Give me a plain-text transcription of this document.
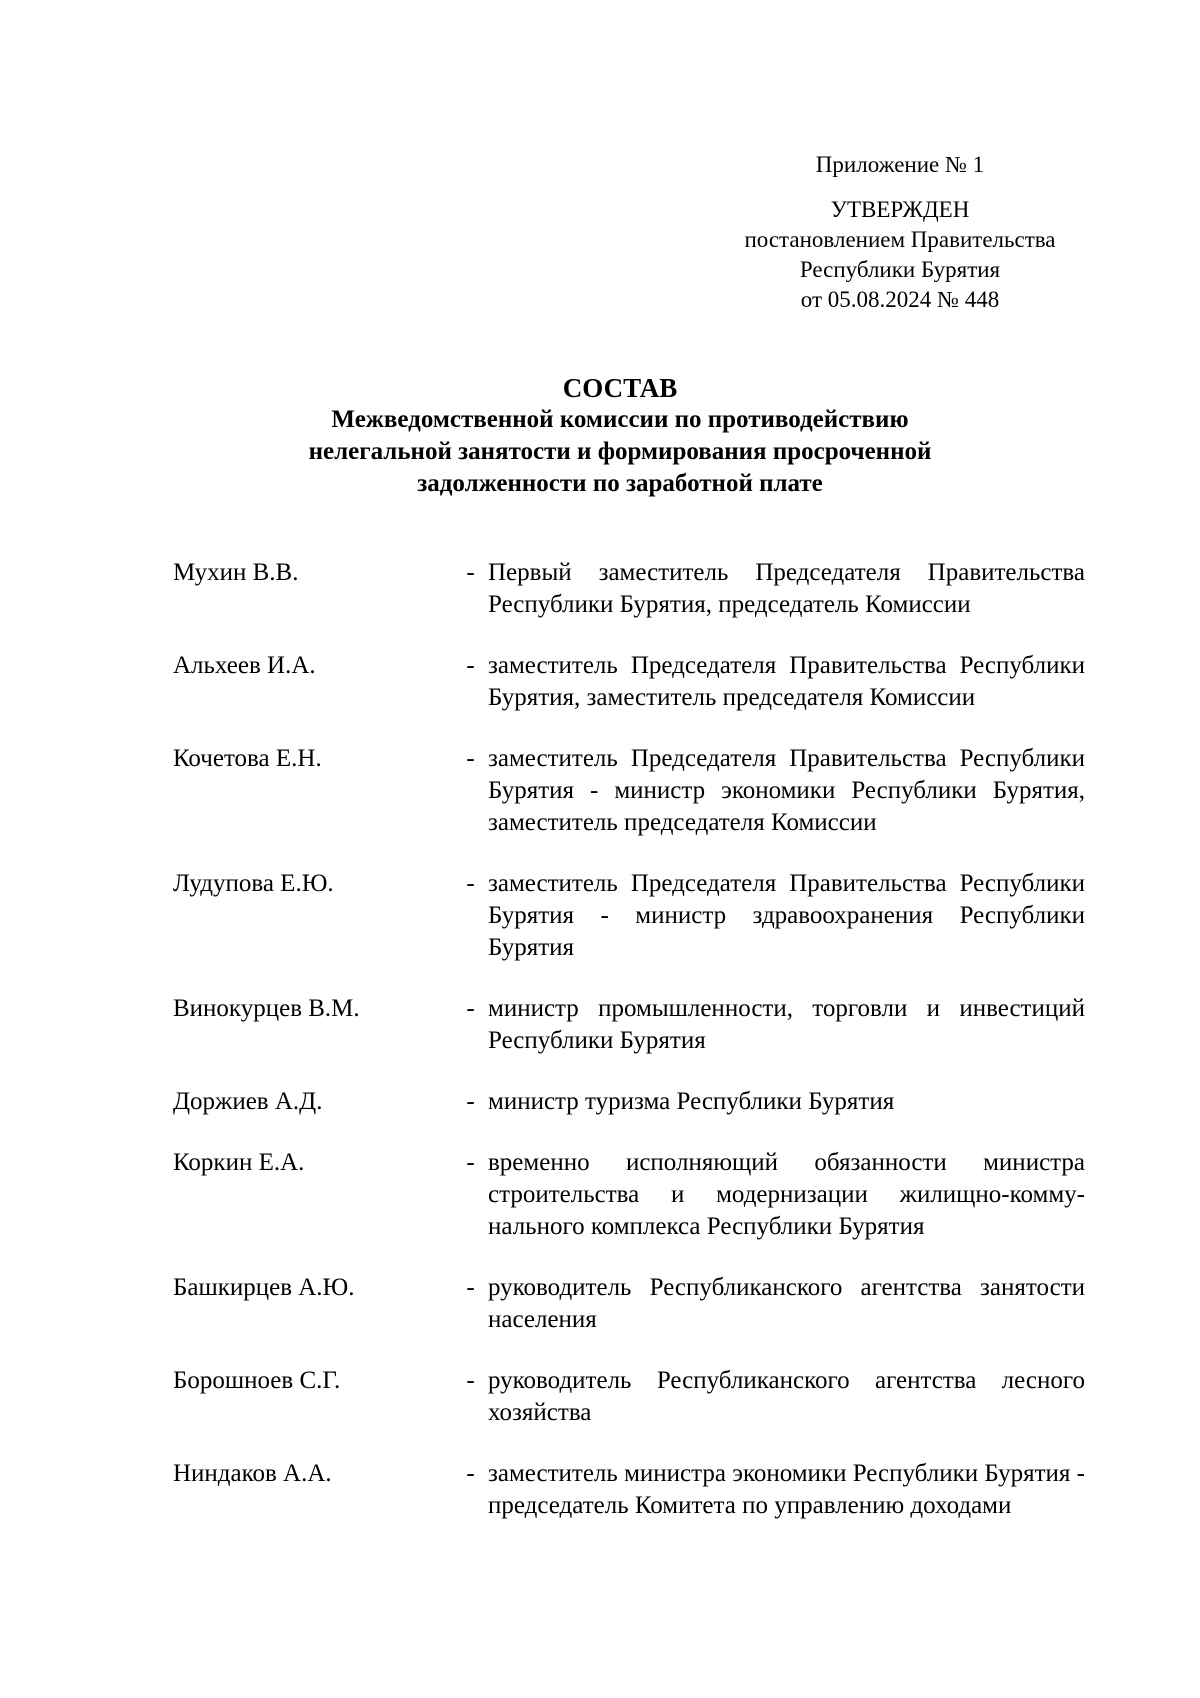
Приложение № 1
УТВЕРЖДЕН
постановлением Правительства
Республики Бурятия
от 05.08.2024 № 448
СОСТАВ
Межведомственной комиссии по противодействию
нелегальной занятости и формирования просроченной
задолженности по заработной плате
Мухин В.В.	- Первый заместитель Председателя Правительства Республики Бурятия, председатель Комиссии
Альхеев И.А.	- заместитель Председателя Правительства Республики Бурятия, заместитель председателя Комиссии
Кочетова Е.Н.	- заместитель Председателя Правительства Республики Бурятия - министр экономики Республики Бурятия, заместитель председателя Комиссии
Лудупова Е.Ю.	- заместитель Председателя Правительства Республики Бурятия - министр здравоохранения Республики Бурятия
Винокурцев В.М.	- министр промышленности, торговли и инвестиций Республики Бурятия
Доржиев А.Д.	- министр туризма Республики Бурятия
Коркин Е.А.	- временно исполняющий обязанности министра строительства и модернизации жилищно-коммунального комплекса Республики Бурятия
Башкирцев А.Ю.	- руководитель Республиканского агентства занятости населения
Борошноев С.Г.	- руководитель Республиканского агентства лесного хозяйства
Ниндаков А.А.	- заместитель министра экономики Республики Бурятия - председатель Комитета по управлению доходами
